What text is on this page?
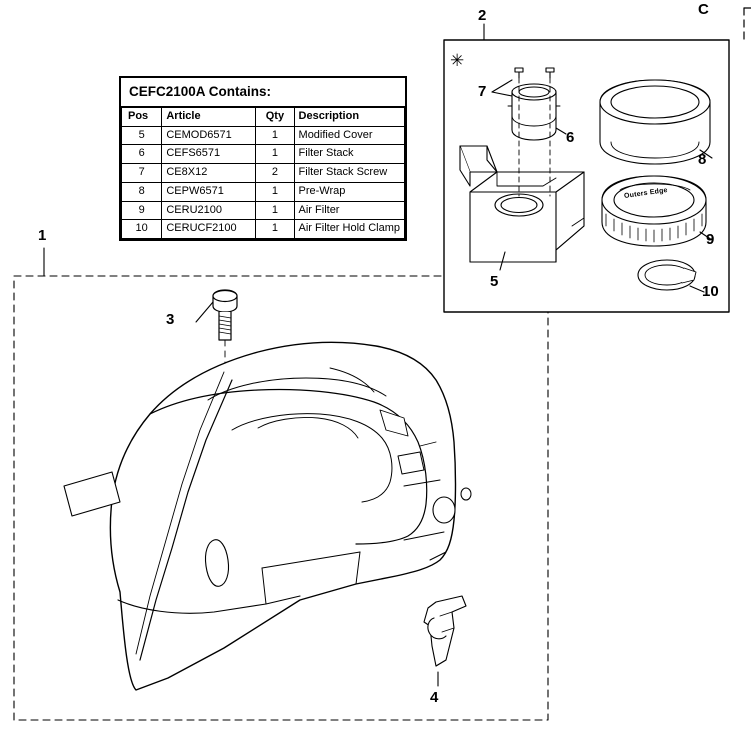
CEFC2100A Contains:
Pos	Article	Qty	Description
5	CEMOD6571	1	Modified Cover
6	CEFS6571	1	Filter Stack
7	CE8X12	2	Filter Stack Screw
8	CEPW6571	1	Pre-Wrap
9	CERU2100	1	Air Filter
10	CERUCF2100	1	Air Filter Hold Clamp
C
1
2
3
4
5
6
7
8
9
10
✳
Outers Edge
